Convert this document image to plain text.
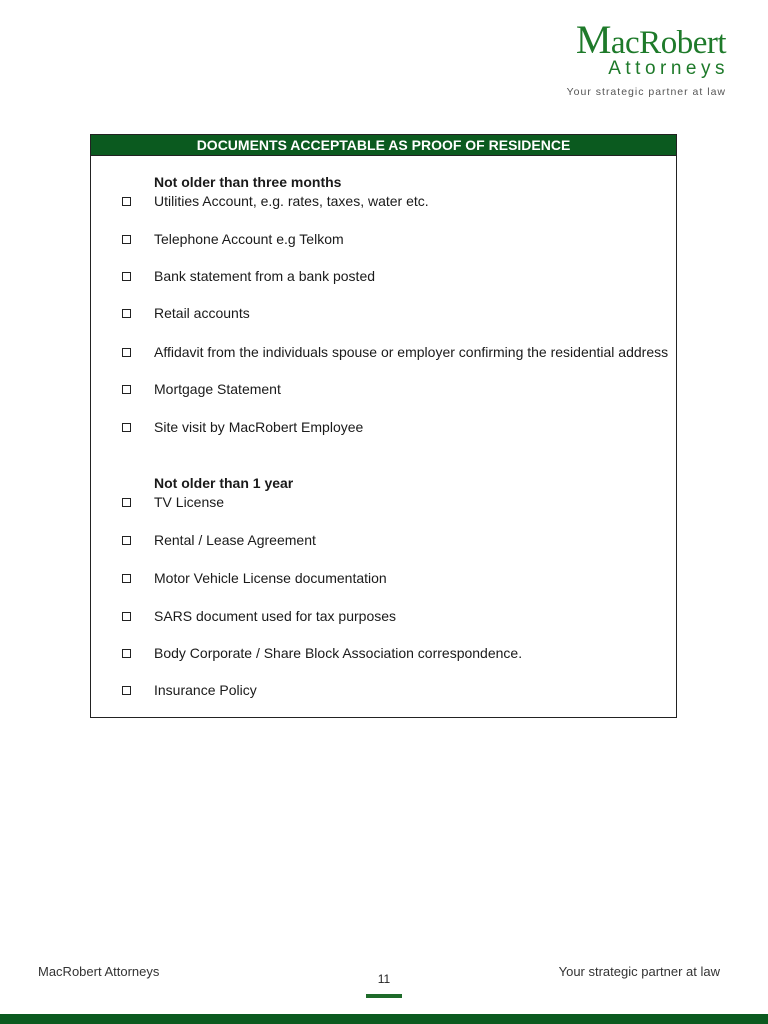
MacRobert
Attorneys
Your strategic partner at law
DOCUMENTS ACCEPTABLE AS PROOF OF RESIDENCE
Not older than three months
Utilities Account, e.g. rates, taxes, water etc.
Telephone Account e.g Telkom
Bank statement from a bank posted
Retail accounts
Affidavit from the individuals spouse or employer confirming the residential address
Mortgage Statement
Site visit by MacRobert Employee
Not older than 1 year
TV License
Rental / Lease Agreement
Motor Vehicle License documentation
SARS document used for tax purposes
Body Corporate / Share Block Association correspondence.
Insurance Policy
MacRobert Attorneys	11	Your strategic partner at law
